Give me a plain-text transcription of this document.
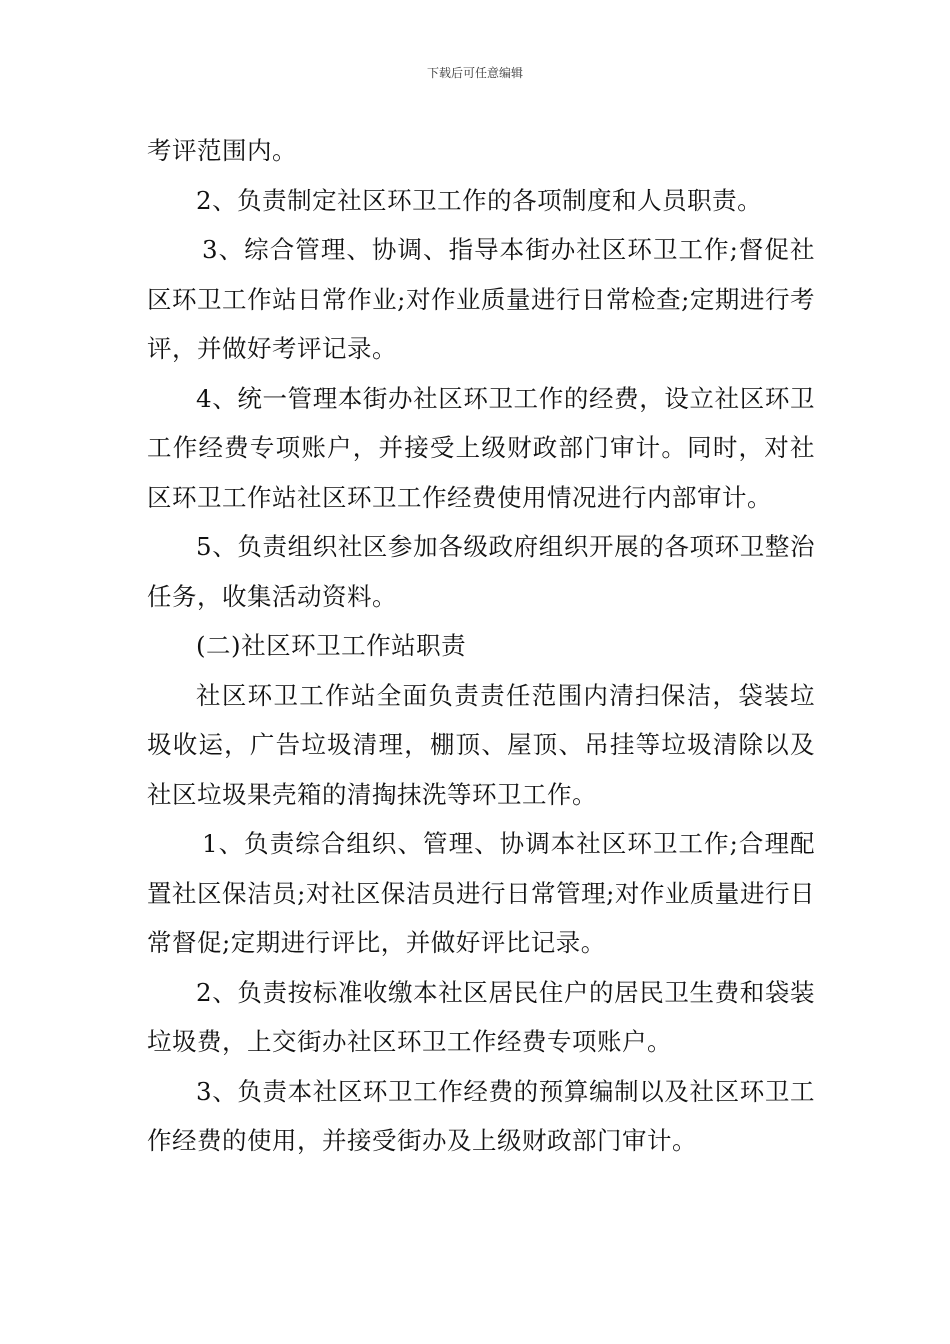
下载后可任意编辑

考评范围内。

2、负责制定社区环卫工作的各项制度和人员职责。

3、综合管理、协调、指导本街办社区环卫工作;督促社区环卫工作站日常作业;对作业质量进行日常检查;定期进行考评，并做好考评记录。

4、统一管理本街办社区环卫工作的经费，设立社区环卫工作经费专项账户，并接受上级财政部门审计。同时，对社区环卫工作站社区环卫工作经费使用情况进行内部审计。

5、负责组织社区参加各级政府组织开展的各项环卫整治任务，收集活动资料。

(二)社区环卫工作站职责

社区环卫工作站全面负责责任范围内清扫保洁，袋装垃圾收运，广告垃圾清理，棚顶、屋顶、吊挂等垃圾清除以及社区垃圾果壳箱的清掏抹洗等环卫工作。

1、负责综合组织、管理、协调本社区环卫工作;合理配置社区保洁员;对社区保洁员进行日常管理;对作业质量进行日常督促;定期进行评比，并做好评比记录。

2、负责按标准收缴本社区居民住户的居民卫生费和袋装垃圾费，上交街办社区环卫工作经费专项账户。

3、负责本社区环卫工作经费的预算编制以及社区环卫工作经费的使用，并接受街办及上级财政部门审计。
